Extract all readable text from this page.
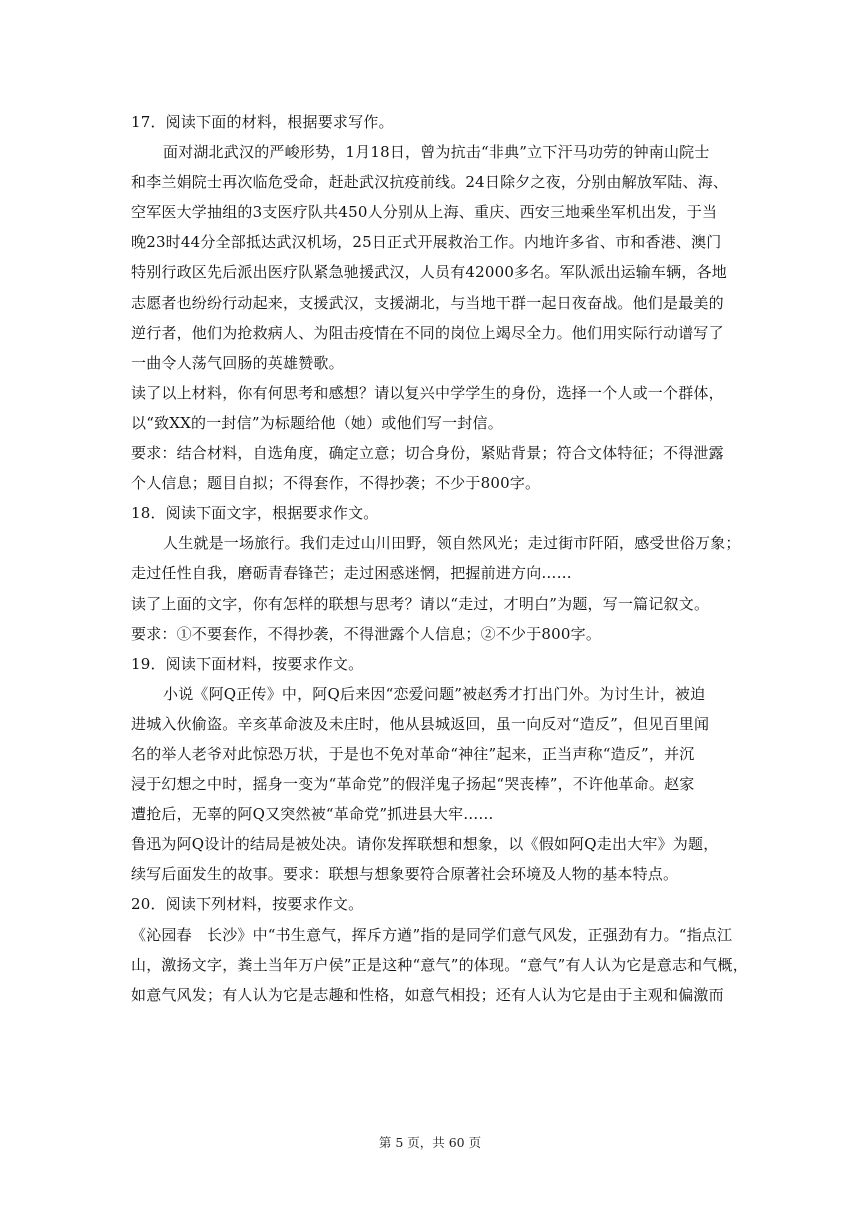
17．阅读下面的材料，根据要求写作。
面对湖北武汉的严峻形势，1月18日，曾为抗击“非典”立下汗马功劳的钟南山院士
和李兰娟院士再次临危受命，赶赴武汉抗疫前线。24日除夕之夜，分别由解放军陆、海、
空军医大学抽组的3支医疗队共450人分别从上海、重庆、西安三地乘坐军机出发，于当
晚23时44分全部抵达武汉机场，25日正式开展救治工作。内地许多省、市和香港、澳门
特别行政区先后派出医疗队紧急驰援武汉，人员有42000多名。军队派出运输车辆，各地
志愿者也纷纷行动起来，支援武汉，支援湖北，与当地干群一起日夜奋战。他们是最美的
逆行者，他们为抢救病人、为阻击疫情在不同的岗位上竭尽全力。他们用实际行动谱写了
一曲令人荡气回肠的英雄赞歌。
读了以上材料，你有何思考和感想？请以复兴中学学生的身份，选择一个人或一个群体，
以“致XX的一封信”为标题给他（她）或他们写一封信。
要求：结合材料，自选角度，确定立意；切合身份，紧贴背景；符合文体特征；不得泄露
个人信息；题目自拟；不得套作，不得抄袭；不少于800字。
18．阅读下面文字，根据要求作文。
人生就是一场旅行。我们走过山川田野，领自然风光；走过街市阡陌，感受世俗万象；
走过任性自我，磨砺青春锋芒；走过困惑迷惘，把握前进方向……
读了上面的文字，你有怎样的联想与思考？请以“走过，才明白”为题，写一篇记叙文。
要求：①不要套作，不得抄袭，不得泄露个人信息；②不少于800字。
19．阅读下面材料，按要求作文。
小说《阿Q正传》中，阿Q后来因“恋爱问题”被赵秀才打出门外。为讨生计，被迫
进城入伙偷盗。辛亥革命波及未庄时，他从县城返回，虽一向反对“造反”，但见百里闻
名的举人老爷对此惊恐万状，于是也不免对革命“神往”起来，正当声称“造反”，并沉
浸于幻想之中时，摇身一变为“革命党”的假洋鬼子扬起“哭丧棒”，不许他革命。赵家
遭抢后，无辜的阿Q又突然被“革命党”抓进县大牢……
鲁迅为阿Q设计的结局是被处决。请你发挥联想和想象，以《假如阿Q走出大牢》为题，
续写后面发生的故事。要求：联想与想象要符合原著社会环境及人物的基本特点。
20．阅读下列材料，按要求作文。
《沁园春　长沙》中“书生意气，挥斥方遒”指的是同学们意气风发，正强劲有力。“指点江
山，激扬文字，粪土当年万户侯”正是这种“意气”的体现。“意气”有人认为它是意志和气概，
如意气风发；有人认为它是志趣和性格，如意气相投；还有人认为它是由于主观和偏激而
第 5 页，共 60 页
